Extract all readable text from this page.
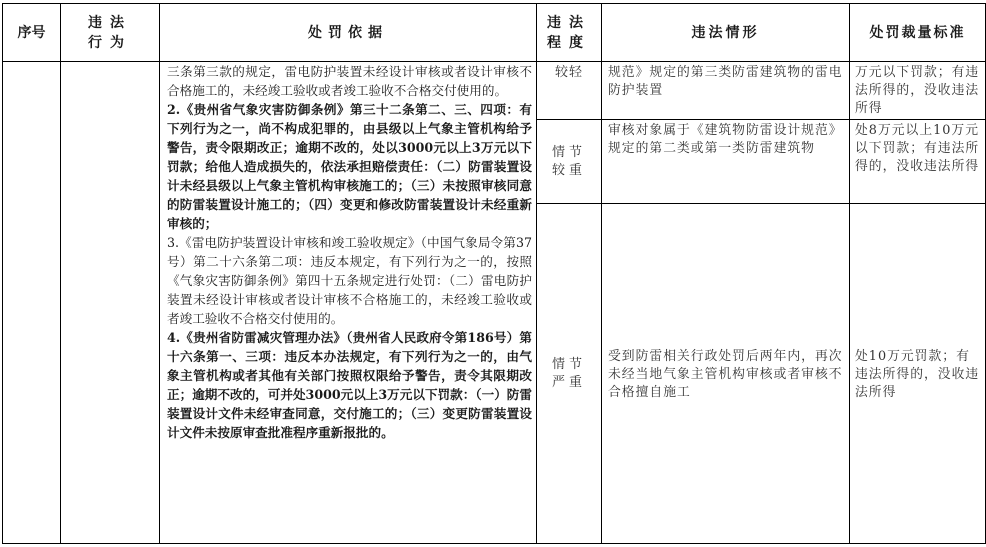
序号
违法
行为
处罚依据
违法
程度
违法情形	处罚裁量标准

三条第三款的规定，雷电防护装置未经设计审核或者设计审核不合格施工的，未经竣工验收或者竣工验收不合格交付使用的。

2.《贵州省气象灾害防御条例》第三十二条第二、三、四项：有下列行为之一，尚不构成犯罪的，由县级以上气象主管机构给予警告，责令限期改正；逾期不改的，处以3000元以上3万元以下罚款；给他人造成损失的，依法承担赔偿责任：（二）防雷装置设计未经县级以上气象主管机构审核施工的；（三）未按照审核同意的防雷装置设计施工的；（四）变更和修改防雷装置设计未经重新审核的；

3.《雷电防护装置设计审核和竣工验收规定》（中国气象局令第37号）第二十六条第二项：违反本规定，有下列行为之一的，按照《气象灾害防御条例》第四十五条规定进行处罚：（二）雷电防护装置未经设计审核或者设计审核不合格施工的，未经竣工验收或者竣工验收不合格交付使用的。

4.《贵州省防雷减灾管理办法》（贵州省人民政府令第186号）第十六条第一、三项：违反本办法规定，有下列行为之一的，由气象主管机构或者其他有关部门按照权限给予警告，责令其限期改正；逾期不改的，可并处3000元以上3万元以下罚款：（一）防雷装置设计文件未经审查同意，交付施工的；（三）变更防雷装置设计文件未按原审查批准程序重新报批的。

较轻	规范》规定的第三类防雷建筑物的雷电防护装置
万元以下罚款；有违法所得的，没收违法所得
情节
较重
审核对象属于《建筑物防雷设计规范》规定的第二类或第一类防雷建筑物
处8万元以上10万元以下罚款；有违法所得的，没收违法所得
情节
严重
受到防雷相关行政处罚后两年内，再次未经当地气象主管机构审核或者审核不合格擅自施工
处10万元罚款；有违法所得的，没收违法所得
